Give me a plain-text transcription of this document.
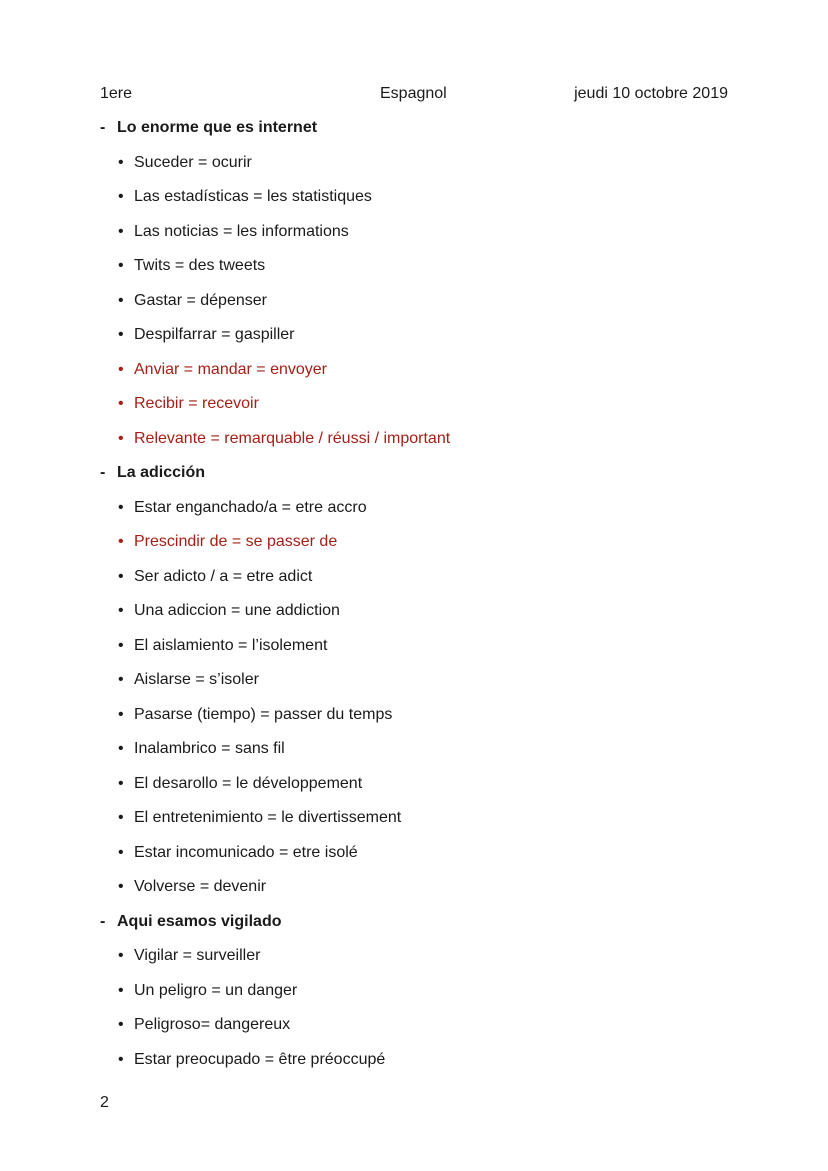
1ere	Espagnol	jeudi 10 octobre 2019
- Lo enorme que es internet
• Suceder = ocurir
• Las estadísticas = les statistiques
• Las noticias = les informations
• Twits = des tweets
• Gastar = dépenser
• Despilfarrar = gaspiller
• Anviar = mandar = envoyer
• Recibir = recevoir
• Relevante = remarquable / réussi / important
- La adicción
• Estar enganchado/a = etre accro
• Prescindir de = se passer de
• Ser adicto / a = etre adict
• Una adiccion = une addiction
• El aislamiento = l’isolement
• Aislarse = s’isoler
• Pasarse (tiempo) = passer du temps
• Inalambrico = sans fil
• El desarollo = le développement
• El entretenimiento = le divertissement
• Estar incomunicado = etre isolé
• Volverse = devenir
- Aqui esamos vigilado
• Vigilar = surveiller
• Un peligro = un danger
• Peligroso= dangereux
• Estar preocupado = être préoccupé
2
